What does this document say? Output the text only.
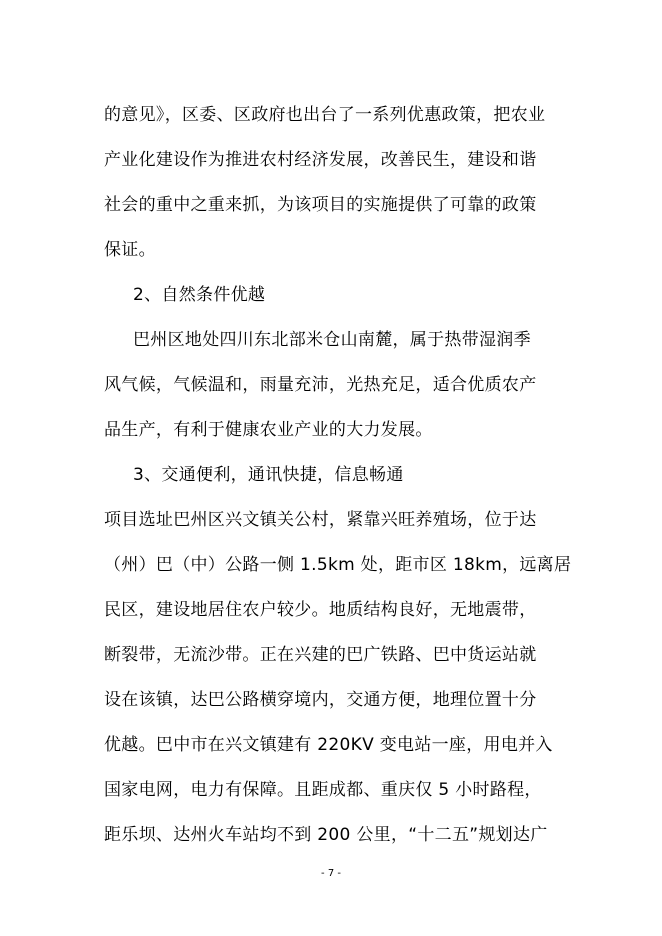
的意见》，区委、区政府也出台了一系列优惠政策，把农业
产业化建设作为推进农村经济发展，改善民生，建设和谐
社会的重中之重来抓，为该项目的实施提供了可靠的政策
保证。
2、自然条件优越
巴州区地处四川东北部米仓山南麓，属于热带湿润季
风气候，气候温和，雨量充沛，光热充足，适合优质农产
品生产，有利于健康农业产业的大力发展。
3、交通便利，通讯快捷，信息畅通
项目选址巴州区兴文镇关公村，紧靠兴旺养殖场，位于达
（州）巴（中）公路一侧 1.5km 处，距市区 18km，远离居
民区，建设地居住农户较少。地质结构良好，无地震带，
断裂带，无流沙带。正在兴建的巴广铁路、巴中货运站就
设在该镇，达巴公路横穿境内，交通方便，地理位置十分
优越。巴中市在兴文镇建有 220KV 变电站一座，用电并入
国家电网，电力有保障。且距成都、重庆仅 5 小时路程，
距乐坝、达州火车站均不到 200 公里，“十二五”规划达广
- 7 -
